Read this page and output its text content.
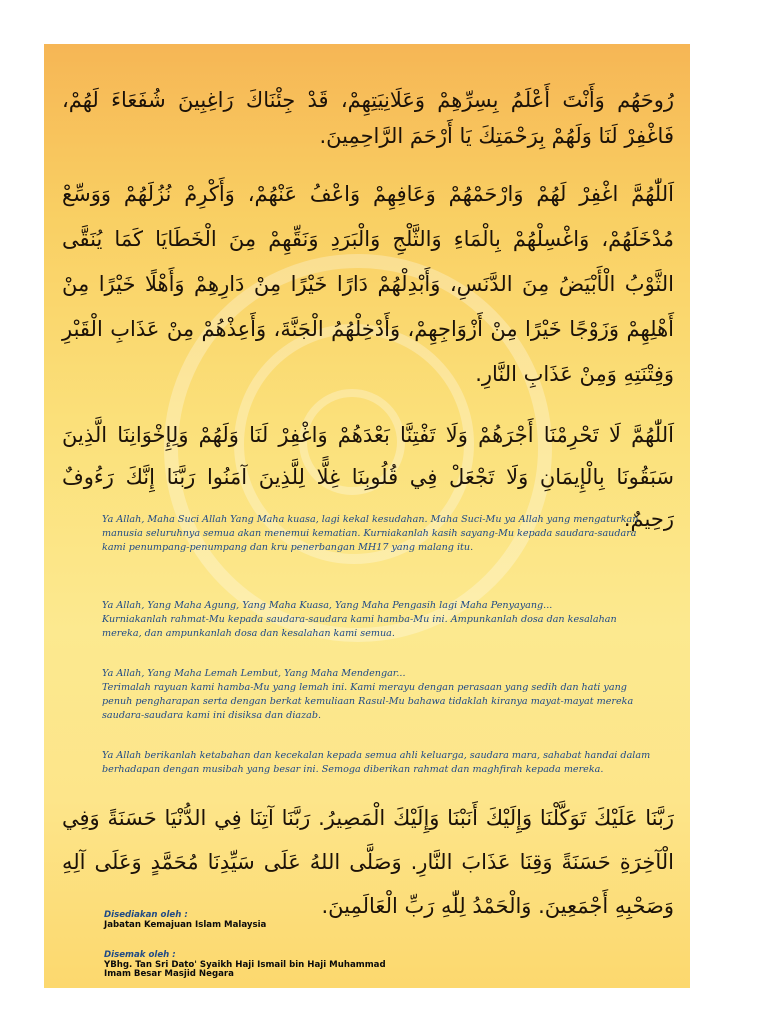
رُوحَهُم وَأَنْتَ أَعْلَمُ بِسِرِّهِمْ وَعَلَانِيَتِهِمْ، قَدْ جِئْنَاكَ رَاغِبِينَ شُفَعَاءَ لَهُمْ، فَاغْفِرْ لَنَا وَلَهُمْ بِرَحْمَتِكَ يَا أَرْحَمَ الرَّاحِمِينَ.
اَللّٰهُمَّ اغْفِرْ لَهُمْ وَارْحَمْهُمْ وَعَافِهِمْ وَاعْفُ عَنْهُمْ، وَأَكْرِمْ نُزُلَهُمْ وَوَسِّعْ مُدْخَلَهُمْ، وَاغْسِلْهُمْ بِالْمَاءِ وَالثَّلْجِ وَالْبَرَدِ وَنَقِّهِمْ مِنَ الْخَطَايَا كَمَا يُنَقَّى الثَّوْبُ الْأَبْيَضُ مِنَ الدَّنَسِ، وَأَبْدِلْهُمْ دَارًا خَيْرًا مِنْ دَارِهِمْ وَأَهْلًا خَيْرًا مِنْ أَهْلِهِمْ وَزَوْجًا خَيْرًا مِنْ أَزْوَاجِهِمْ، وَأَدْخِلْهُمُ الْجَنَّةَ، وَأَعِذْهُمْ مِنْ عَذَابِ الْقَبْرِ وَفِتْنَتِهِ وَمِنْ عَذَابِ النَّارِ.
اَللّٰهُمَّ لَا تَحْرِمْنَا أَجْرَهُمْ وَلَا تَفْتِنَّا بَعْدَهُمْ وَاغْفِرْ لَنَا وَلَهُمْ وَلِإِخْوَانِنَا الَّذِينَ سَبَقُونَا بِالْإِيمَانِ وَلَا تَجْعَلْ فِي قُلُوبِنَا غِلًّا لِلَّذِينَ آمَنُوا رَبَّنَا إِنَّكَ رَءُوفٌ رَحِيمٌ.
Ya Allah, Maha Suci Allah Yang Maha kuasa, lagi kekal kesudahan. Maha Suci-Mu ya Allah yang mengaturkan manusia seluruhnya semua akan menemui kematian. Kurniakanlah kasih sayang-Mu kepada saudara-saudara kami penumpang-penumpang dan kru penerbangan MH17 yang malang itu.
Ya Allah, Yang Maha Agung, Yang Maha Kuasa, Yang Maha Pengasih lagi Maha Penyayang...
Kurniakanlah rahmat-Mu kepada saudara-saudara kami hamba-Mu ini. Ampunkanlah dosa dan kesalahan mereka, dan ampunkanlah dosa dan kesalahan kami semua.
Ya Allah, Yang Maha Lemah Lembut, Yang Maha Mendengar...
Terimalah rayuan kami hamba-Mu yang lemah ini. Kami merayu dengan perasaan yang sedih dan hati yang penuh pengharapan serta dengan berkat kemuliaan Rasul-Mu bahawa tidaklah kiranya mayat-mayat mereka saudara-saudara kami ini disiksa dan diazab.
Ya Allah berikanlah ketabahan dan kecekalan kepada semua ahli keluarga, saudara mara, sahabat handai dalam berhadapan dengan musibah yang besar ini. Semoga diberikan rahmat dan maghfirah kepada mereka.
رَبَّنَا عَلَيْكَ تَوَكَّلْنَا وَإِلَيْكَ أَنَبْنَا وَإِلَيْكَ الْمَصِيرُ. رَبَّنَا آتِنَا فِي الدُّنْيَا حَسَنَةً وَفِي الْآخِرَةِ حَسَنَةً وَقِنَا عَذَابَ النَّارِ. وَصَلَّى اللهُ عَلَى سَيِّدِنَا مُحَمَّدٍ وَعَلَى آلِهِ وَصَحْبِهِ أَجْمَعِينَ. وَالْحَمْدُ لِلّٰهِ رَبِّ الْعَالَمِينَ.
Disediakan oleh :
Jabatan Kemajuan Islam Malaysia
Disemak oleh :
YBhg. Tan Sri Dato' Syaikh Haji Ismail bin Haji Muhammad
Imam Besar Masjid Negara
